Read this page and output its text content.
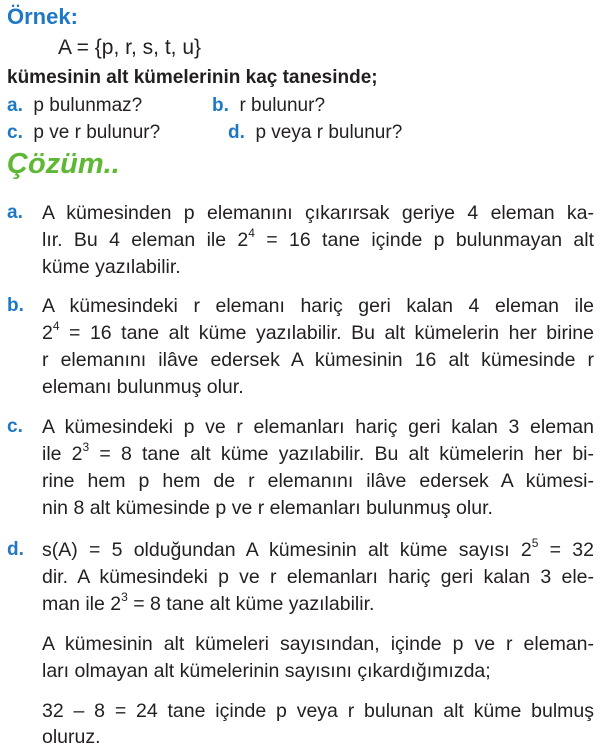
Örnek:
A = {p, r, s, t, u}
kümesinin alt kümelerinin kaç tanesinde;
a. p bulunmaz?	b. r bulunur?
c. p ve r bulunur?	d. p veya r bulunur?
Çözüm..
a. A kümesinden p elemanını çıkarırsak geriye 4 eleman ka-
lır. Bu 4 eleman ile $2^4 = 16$ tane içinde p bulunmayan alt
küme yazılabilir.
b. A kümesindeki r elemanı hariç geri kalan 4 eleman ile
$2^4 = 16$ tane alt küme yazılabilir. Bu alt kümelerin her birine
r elemanını ilâve edersek A kümesinin 16 alt kümesinde r
elemanı bulunmuş olur.
c. A kümesindeki p ve r elemanları hariç geri kalan 3 eleman
ile $2^3 = 8$ tane alt küme yazılabilir. Bu alt kümelerin her bi-
rine hem p hem de r elemanını ilâve edersek A kümesi-
nin 8 alt kümesinde p ve r elemanları bulunmuş olur.
d. s(A) = 5 olduğundan A kümesinin alt küme sayısı $2^5 = 32$
dir. A kümesindeki p ve r elemanları hariç geri kalan 3 ele-
man ile $2^3 = 8$ tane alt küme yazılabilir.
A kümesinin alt kümeleri sayısından, içinde p ve r eleman-
ları olmayan alt kümelerinin sayısını çıkardığımızda;
32 – 8 = 24 tane içinde p veya r bulunan alt küme bulmuş
oluruz.
